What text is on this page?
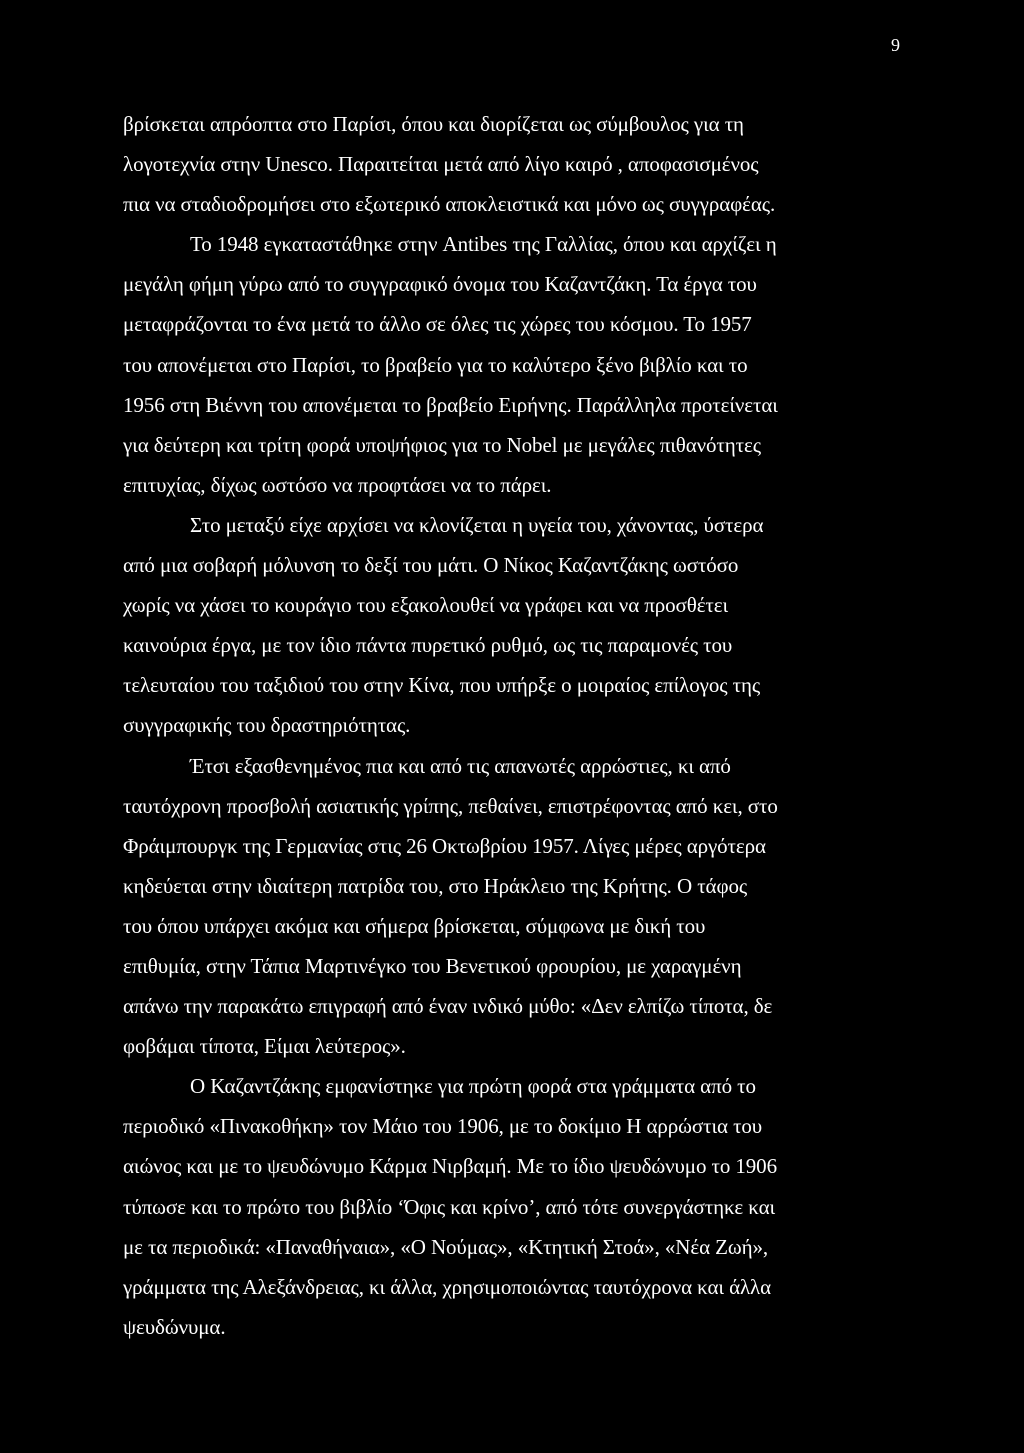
9
βρίσκεται απρόοπτα στο Παρίσι, όπου και διορίζεται ως σύμβουλος για τη
λογοτεχνία στην Unesco. Παραιτείται μετά από λίγο καιρό , αποφασισμένος
πια να σταδιοδρομήσει στο εξωτερικό αποκλειστικά και μόνο ως συγγραφέας.
Το 1948 εγκαταστάθηκε στην Antibes της Γαλλίας, όπου και αρχίζει η
μεγάλη φήμη γύρω από το συγγραφικό όνομα του Καζαντζάκη. Τα έργα του
μεταφράζονται το ένα μετά το άλλο σε όλες τις χώρες του κόσμου. Το 1957
του απονέμεται στο Παρίσι, το βραβείο για το καλύτερο ξένο βιβλίο και το
1956 στη Βιέννη του απονέμεται το βραβείο Ειρήνης. Παράλληλα προτείνεται
για δεύτερη και τρίτη φορά υποψήφιος για το Nobel με μεγάλες πιθανότητες
επιτυχίας, δίχως ωστόσο να προφτάσει να το πάρει.
Στο μεταξύ είχε αρχίσει να κλονίζεται η υγεία του, χάνοντας, ύστερα
από μια σοβαρή μόλυνση το δεξί του μάτι. Ο Νίκος Καζαντζάκης ωστόσο
χωρίς να χάσει το κουράγιο του εξακολουθεί να γράφει και να προσθέτει
καινούρια έργα, με τον ίδιο πάντα πυρετικό ρυθμό, ως τις παραμονές του
τελευταίου του ταξιδιού του στην Κίνα, που υπήρξε ο μοιραίος επίλογος της
συγγραφικής του δραστηριότητας.
Έτσι εξασθενημένος πια και από τις απανωτές αρρώστιες, κι από
ταυτόχρονη προσβολή ασιατικής γρίπης, πεθαίνει, επιστρέφοντας από κει, στο
Φράιμπουργκ της Γερμανίας στις 26 Οκτωβρίου 1957. Λίγες μέρες αργότερα
κηδεύεται στην ιδιαίτερη πατρίδα του, στο Ηράκλειο της Κρήτης. Ο τάφος
του όπου υπάρχει ακόμα και σήμερα βρίσκεται, σύμφωνα με δική του
επιθυμία, στην Τάπια Μαρτινέγκο του Βενετικού φρουρίου, με χαραγμένη
απάνω την παρακάτω επιγραφή από έναν ινδικό μύθο: «Δεν ελπίζω τίποτα, δε
φοβάμαι τίποτα, Είμαι λεύτερος».
Ο Καζαντζάκης εμφανίστηκε για πρώτη φορά στα γράμματα από το
περιοδικό «Πινακοθήκη» τον Μάιο του 1906, με το δοκίμιο Η αρρώστια του
αιώνος και με το ψευδώνυμο Κάρμα Νιρβαμή. Με το ίδιο ψευδώνυμο το 1906
τύπωσε και το πρώτο του βιβλίο ‘Όφις και κρίνο’, από τότε συνεργάστηκε και
με τα περιοδικά: «Παναθήναια», «Ο Νούμας», «Κτητική Στοά», «Νέα Ζωή»,
γράμματα της Αλεξάνδρειας, κι άλλα, χρησιμοποιώντας ταυτόχρονα και άλλα
ψευδώνυμα.
